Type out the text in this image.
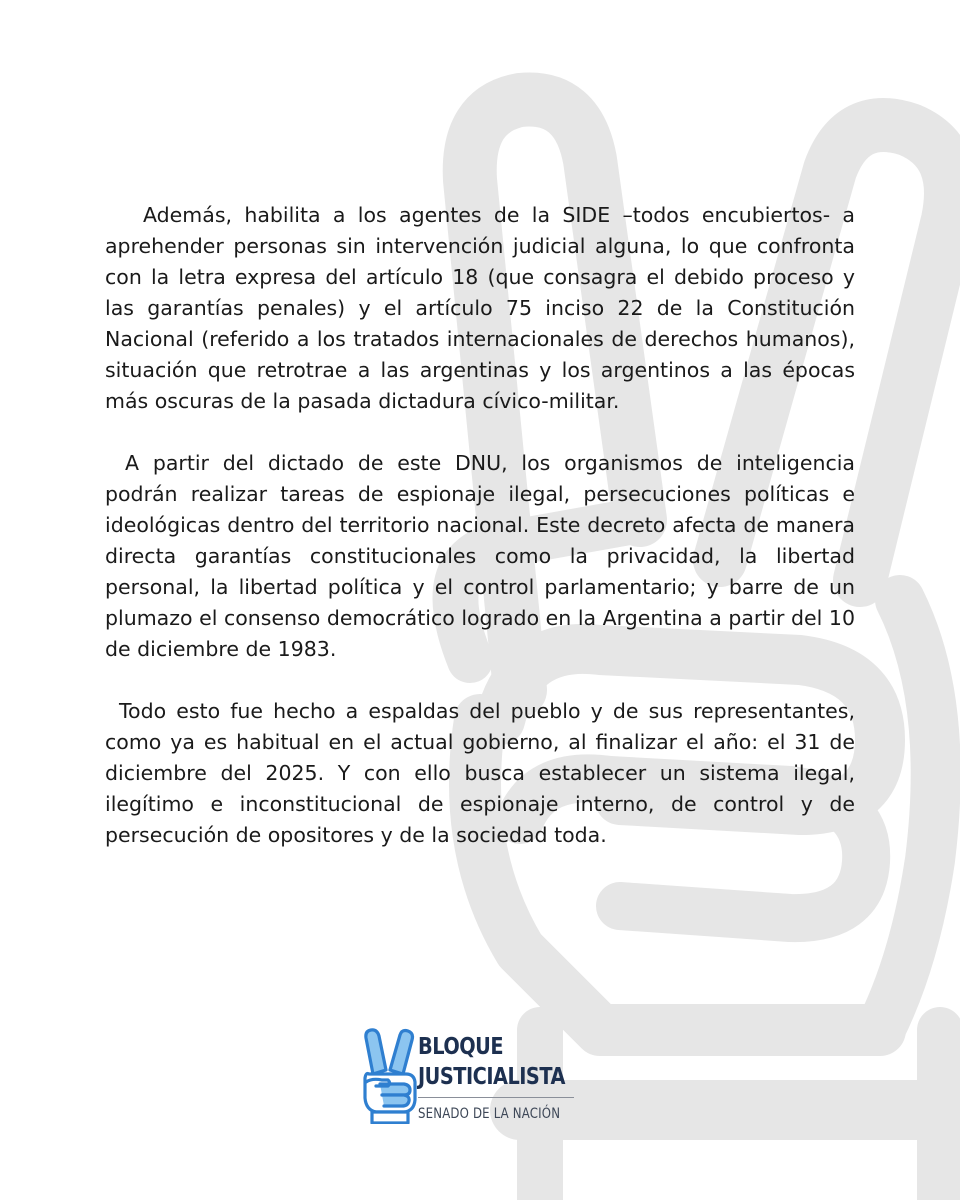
Además, habilita a los agentes de la SIDE –todos encubiertos- a aprehender personas sin intervención judicial alguna, lo que confronta con la letra expresa del artículo 18 (que consagra el debido proceso y las garantías penales) y el artículo 75 inciso 22 de la Constitución Nacional (referido a los tratados internacionales de derechos humanos), situación que retrotrae a las argentinas y los argentinos a las épocas más oscuras de la pasada dictadura cívico-militar.

A partir del dictado de este DNU, los organismos de inteligencia podrán realizar tareas de espionaje ilegal, persecuciones políticas e ideológicas dentro del territorio nacional. Este decreto afecta de manera directa garantías constitucionales como la privacidad, la libertad personal, la libertad política y el control parlamentario; y barre de un plumazo el consenso democrático logrado en la Argentina a partir del 10 de diciembre de 1983.

Todo esto fue hecho a espaldas del pueblo y de sus representantes, como ya es habitual en el actual gobierno, al finalizar el año: el 31 de diciembre del 2025. Y con ello busca establecer un sistema ilegal, ilegítimo e inconstitucional de espionaje interno, de control y de persecución de opositores y de la sociedad toda.

BLOQUE
JUSTICIALISTA
SENADO DE LA NACIÓN
